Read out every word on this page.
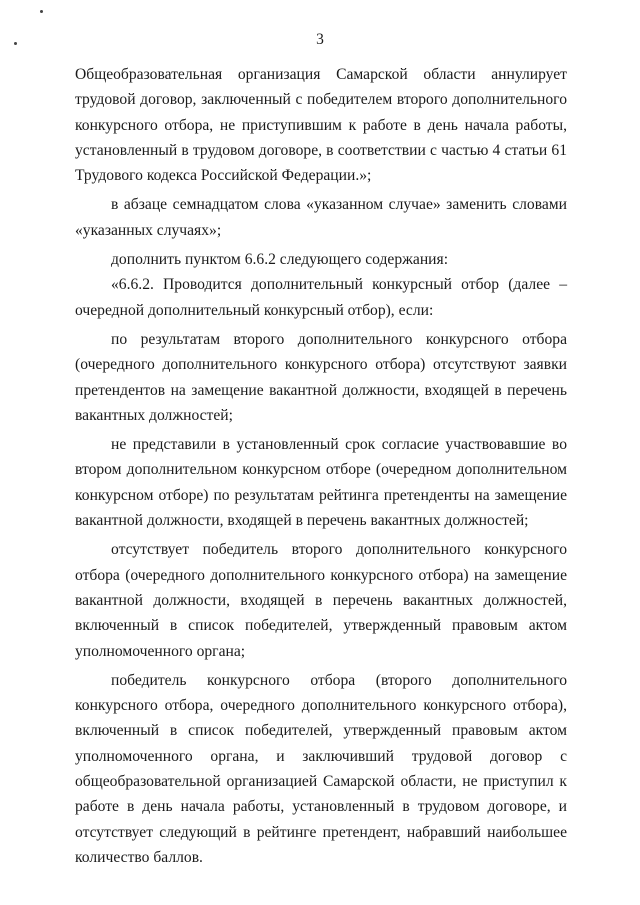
3

Общеобразовательная организация Самарской области аннулирует трудовой договор, заключенный с победителем второго дополнительного конкурсного отбора, не приступившим к работе в день начала работы, установленный в трудовом договоре, в соответствии с частью 4 статьи 61 Трудового кодекса Российской Федерации.»;

в абзаце семнадцатом слова «указанном случае» заменить словами «указанных случаях»;

дополнить пунктом 6.6.2 следующего содержания:

«6.6.2. Проводится дополнительный конкурсный отбор (далее – очередной дополнительный конкурсный отбор), если:

по результатам второго дополнительного конкурсного отбора (очередного дополнительного конкурсного отбора) отсутствуют заявки претендентов на замещение вакантной должности, входящей в перечень вакантных должностей;

не представили в установленный срок согласие участвовавшие во втором дополнительном конкурсном отборе (очередном дополнительном конкурсном отборе) по результатам рейтинга претенденты на замещение вакантной должности, входящей в перечень вакантных должностей;

отсутствует победитель второго дополнительного конкурсного отбора (очередного дополнительного конкурсного отбора) на замещение вакантной должности, входящей в перечень вакантных должностей, включенный в список победителей, утвержденный правовым актом уполномоченного органа;

победитель конкурсного отбора (второго дополнительного конкурсного отбора, очередного дополнительного конкурсного отбора), включенный в список победителей, утвержденный правовым актом уполномоченного органа, и заключивший трудовой договор с общеобразовательной организацией Самарской области, не приступил к работе в день начала работы, установленный в трудовом договоре, и отсутствует следующий в рейтинге претендент, набравший наибольшее количество баллов.
